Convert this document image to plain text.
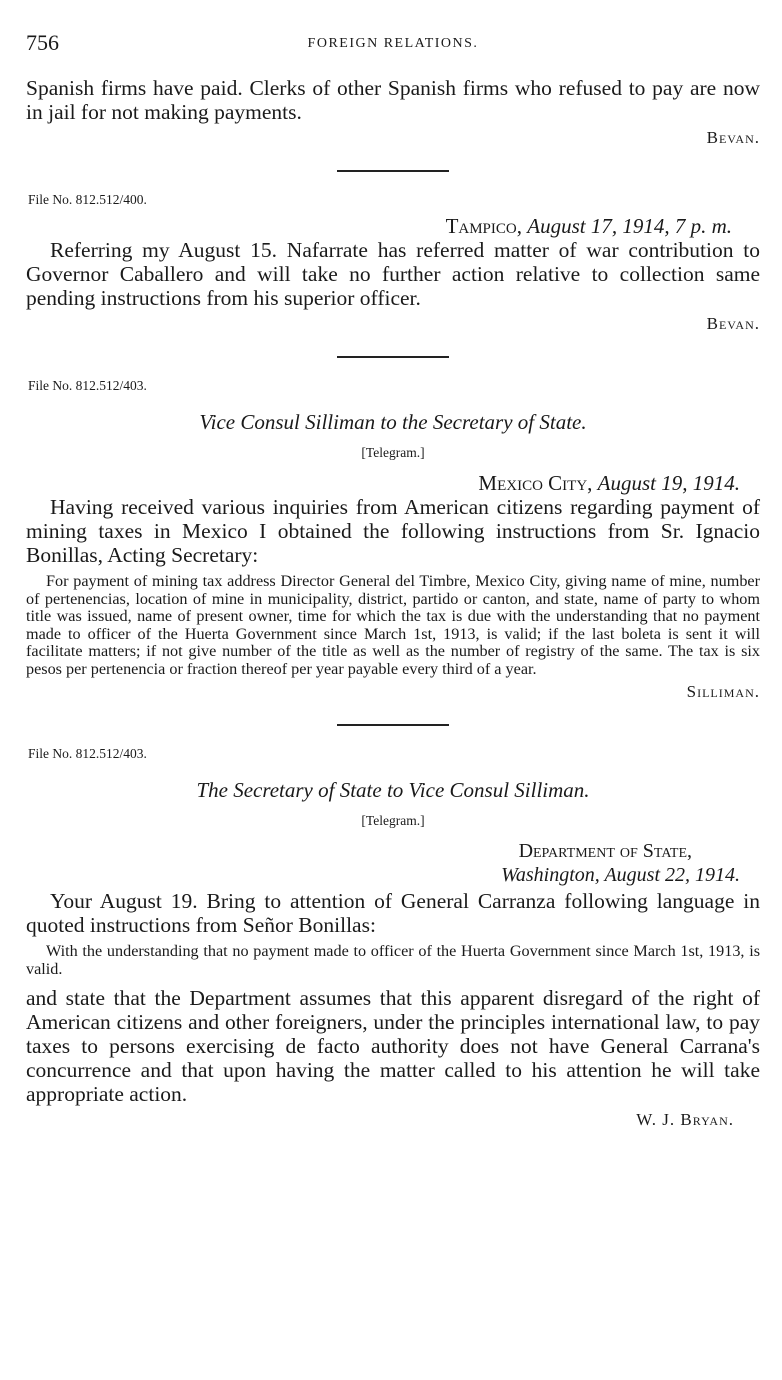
756	FOREIGN RELATIONS.

Spanish firms have paid. Clerks of other Spanish firms who refused to pay are now in jail for not making payments.

Bevan.

File No. 812.512/400.

Tampico, August 17, 1914, 7 p. m.

Referring my August 15. Nafarrate has referred matter of war contribution to Governor Caballero and will take no further action relative to collection same pending instructions from his superior officer.

Bevan.

File No. 812.512/403.

Vice Consul Silliman to the Secretary of State.

[Telegram.]

Mexico City, August 19, 1914.

Having received various inquiries from American citizens regarding payment of mining taxes in Mexico I obtained the following instructions from Sr. Ignacio Bonillas, Acting Secretary:

For payment of mining tax address Director General del Timbre, Mexico City, giving name of mine, number of pertenencias, location of mine in municipality, district, partido or canton, and state, name of party to whom title was issued, name of present owner, time for which the tax is due with the understanding that no payment made to officer of the Huerta Government since March 1st, 1913, is valid; if the last boleta is sent it will facilitate matters; if not give number of the title as well as the number of registry of the same. The tax is six pesos per pertenencia or fraction thereof per year payable every third of a year.

Silliman.

File No. 812.512/403.

The Secretary of State to Vice Consul Silliman.

[Telegram.]

Department of State,
Washington, August 22, 1914.

Your August 19. Bring to attention of General Carranza following language in quoted instructions from Señor Bonillas:

With the understanding that no payment made to officer of the Huerta Government since March 1st, 1913, is valid.

and state that the Department assumes that this apparent disregard of the right of American citizens and other foreigners, under the principles international law, to pay taxes to persons exercising de facto authority does not have General Carrana's concurrence and that upon having the matter called to his attention he will take appropriate action.

W. J. Bryan.
